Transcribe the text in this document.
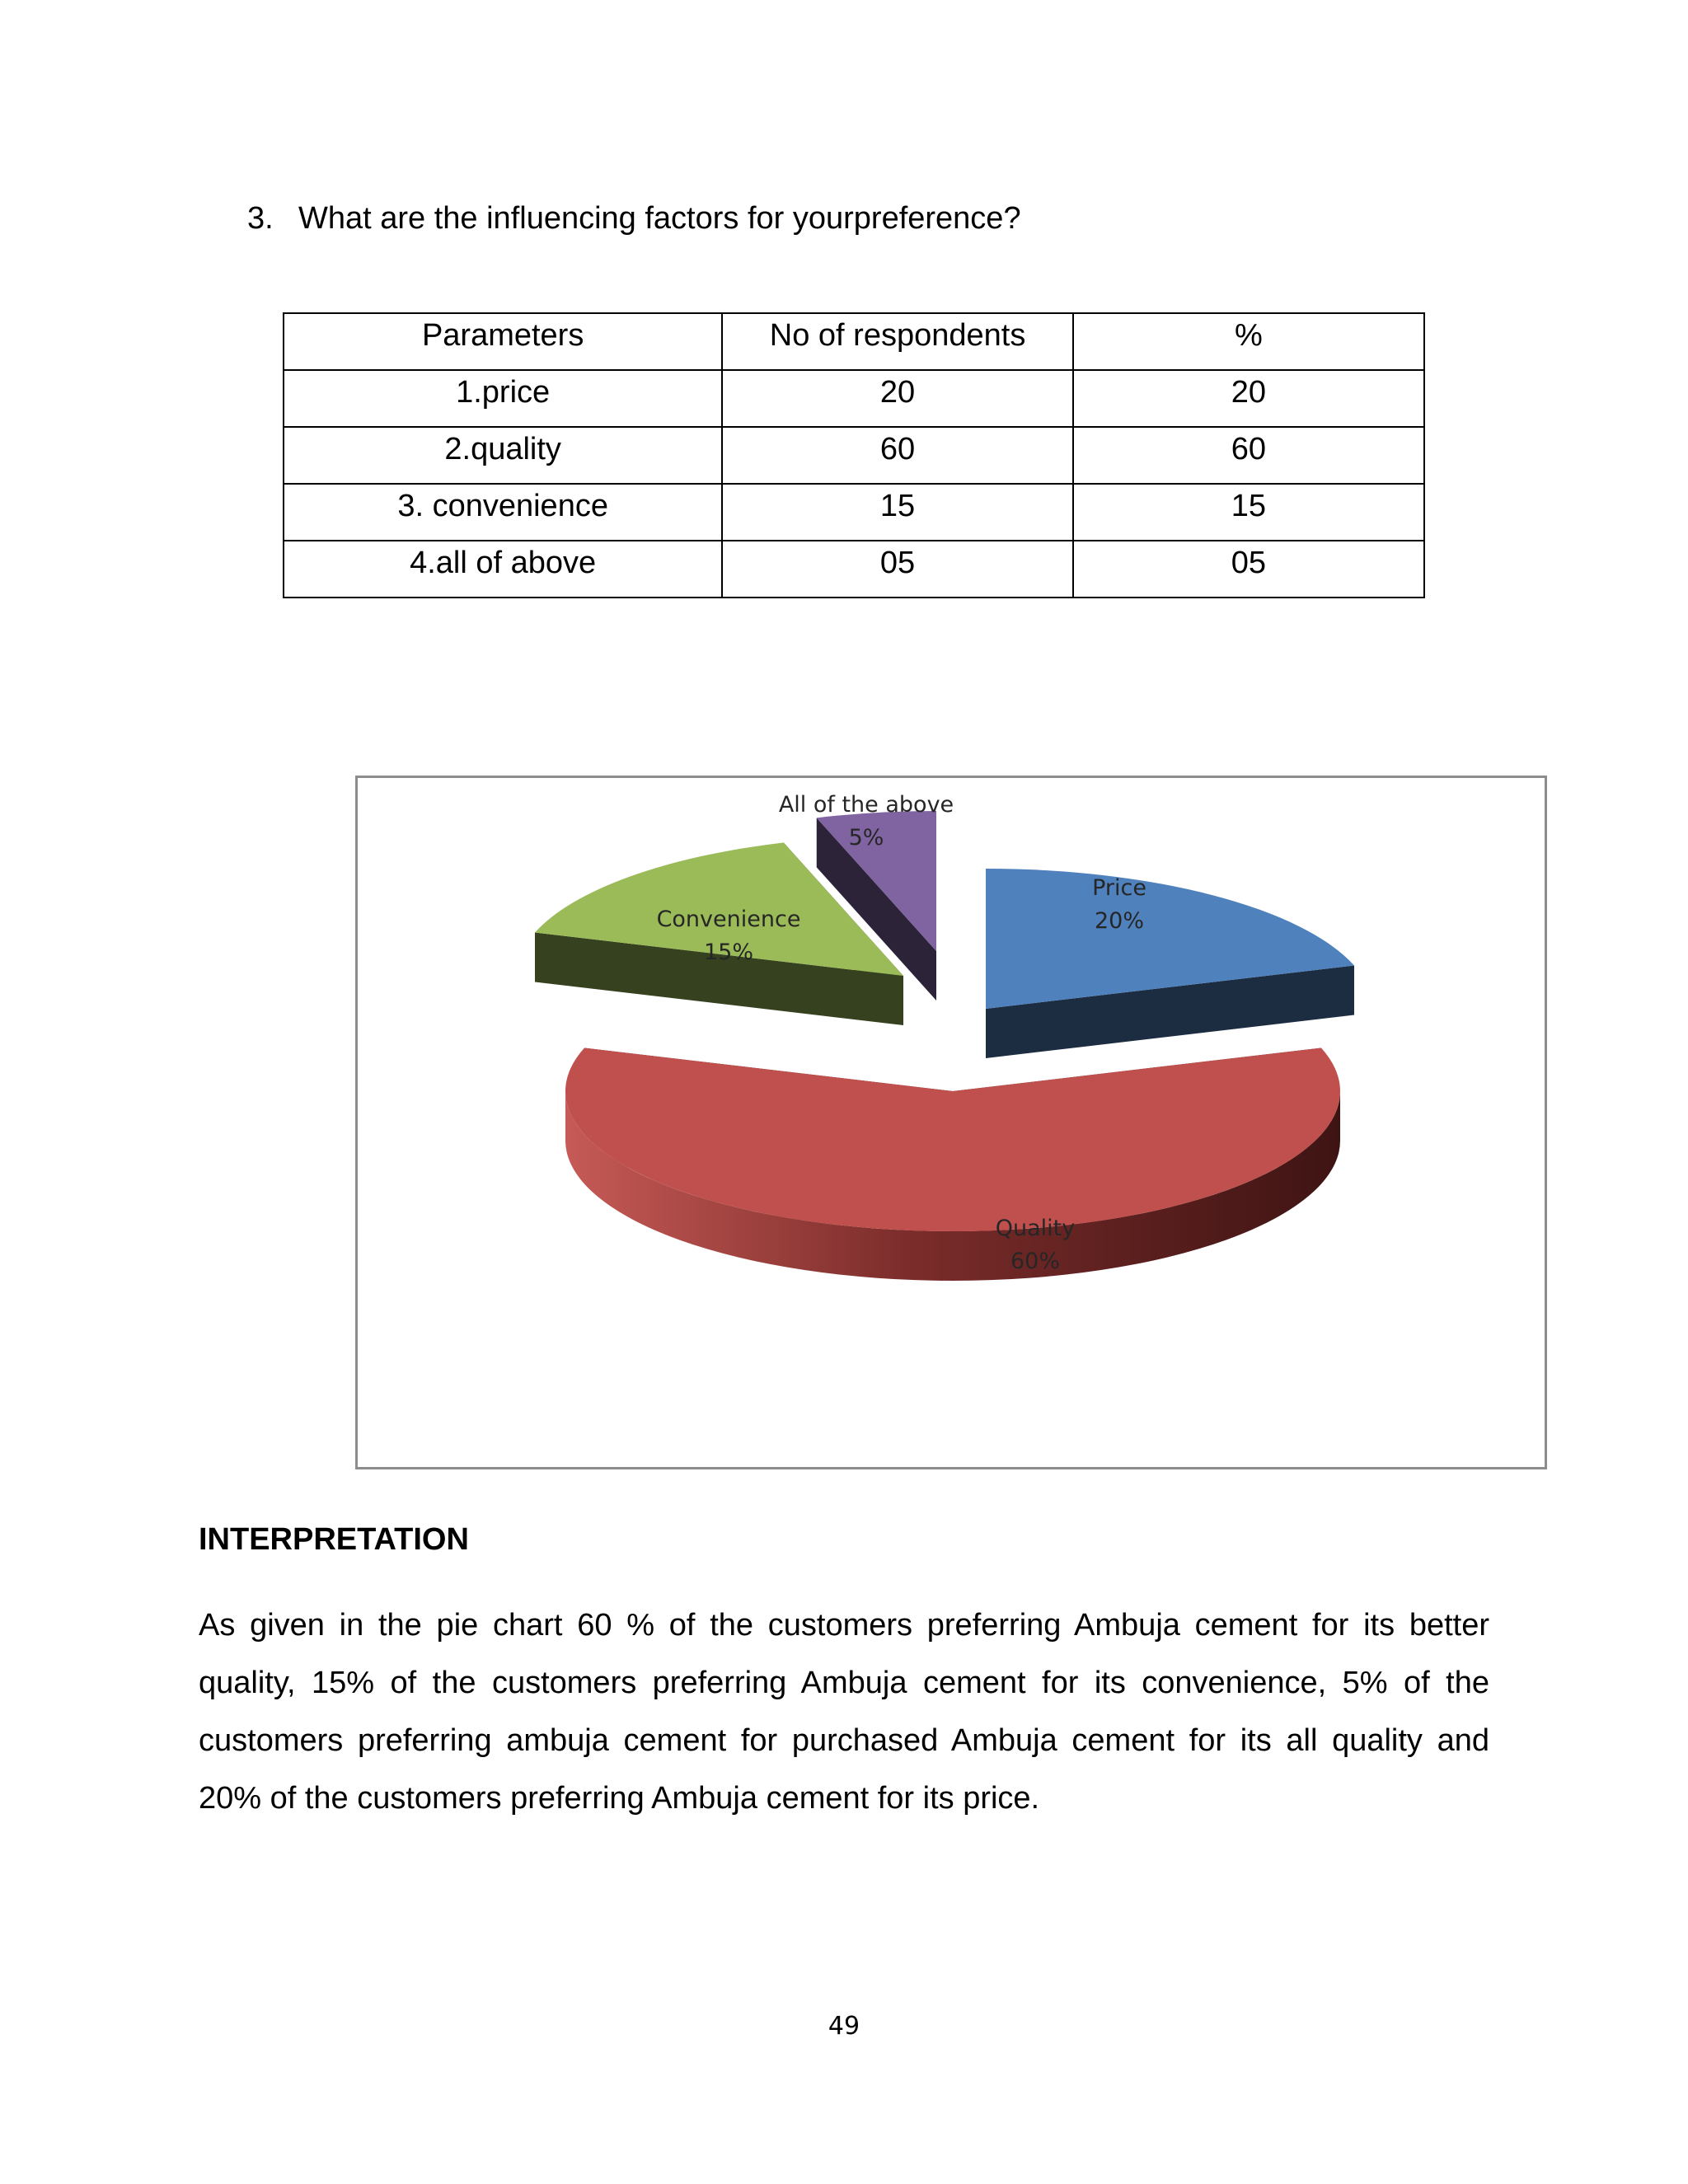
3. What are the influencing factors for yourpreference?
Parameters	No of respondents	%
1.price	20	20
2.quality	60	60
3. convenience	15	15
4.all of above	05	05
Price
20%
Quality
60%
Convenience
15%
All of the above
5%
INTERPRETATION
As given in the pie chart 60 % of the customers preferring Ambuja cement for its better quality, 15% of the customers preferring Ambuja cement for its convenience, 5% of the customers preferring ambuja cement for purchased Ambuja cement for its all quality and 20% of the customers preferring Ambuja cement for its price.
49
